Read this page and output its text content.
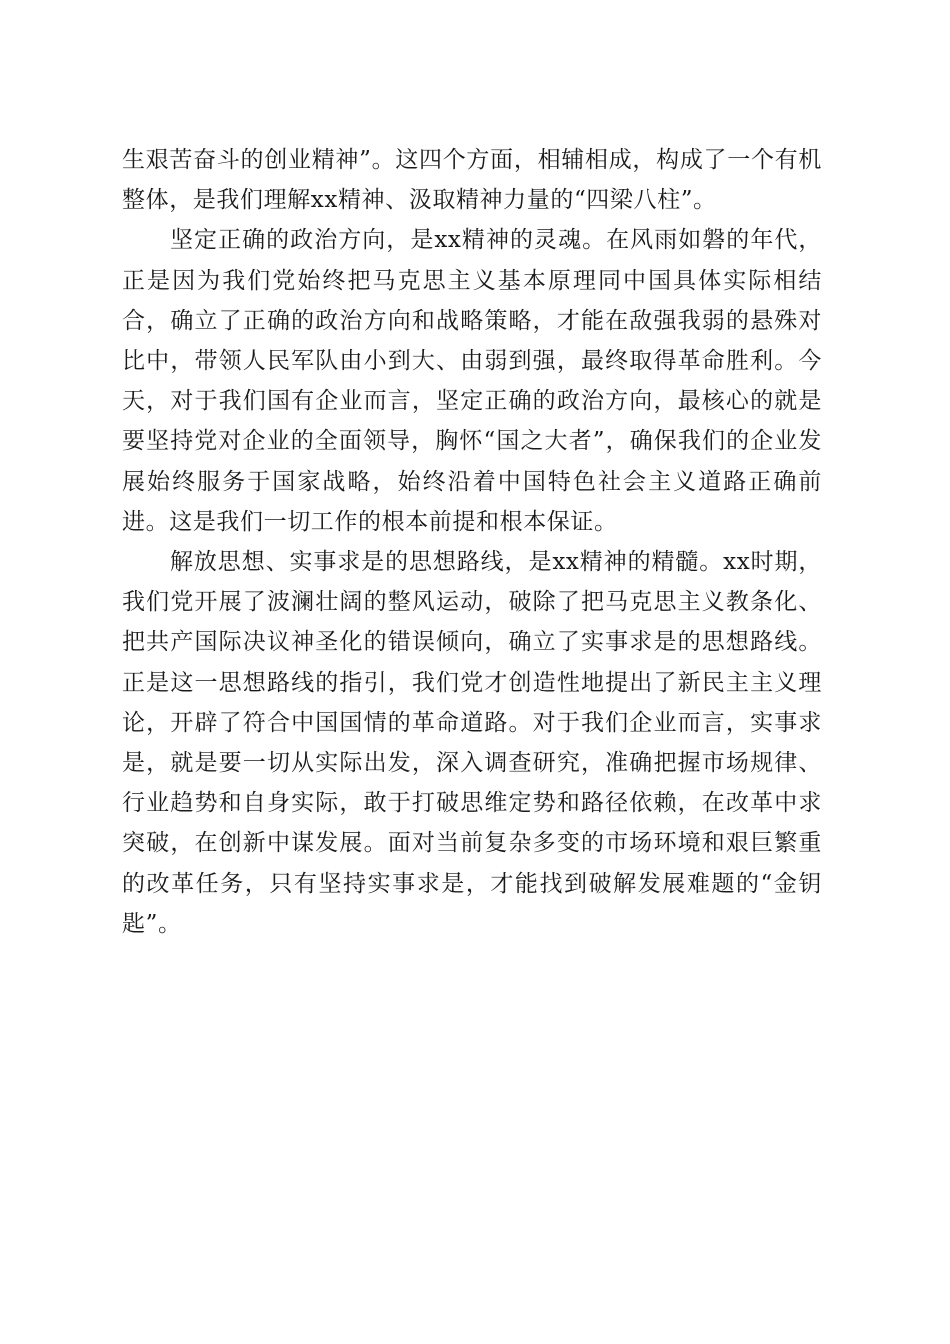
生艰苦奋斗的创业精神”。这四个方面，相辅相成，构成了一个有机整体，是我们理解xx精神、汲取精神力量的“四梁八柱”。

坚定正确的政治方向，是xx精神的灵魂。在风雨如磐的年代，正是因为我们党始终把马克思主义基本原理同中国具体实际相结合，确立了正确的政治方向和战略策略，才能在敌强我弱的悬殊对比中，带领人民军队由小到大、由弱到强，最终取得革命胜利。今天，对于我们国有企业而言，坚定正确的政治方向，最核心的就是要坚持党对企业的全面领导，胸怀“国之大者”，确保我们的企业发展始终服务于国家战略，始终沿着中国特色社会主义道路正确前进。这是我们一切工作的根本前提和根本保证。

解放思想、实事求是的思想路线，是xx精神的精髓。xx时期，我们党开展了波澜壮阔的整风运动，破除了把马克思主义教条化、把共产国际决议神圣化的错误倾向，确立了实事求是的思想路线。正是这一思想路线的指引，我们党才创造性地提出了新民主主义理论，开辟了符合中国国情的革命道路。对于我们企业而言，实事求是，就是要一切从实际出发，深入调查研究，准确把握市场规律、行业趋势和自身实际，敢于打破思维定势和路径依赖，在改革中求突破，在创新中谋发展。面对当前复杂多变的市场环境和艰巨繁重的改革任务，只有坚持实事求是，才能找到破解发展难题的“金钥匙”。
